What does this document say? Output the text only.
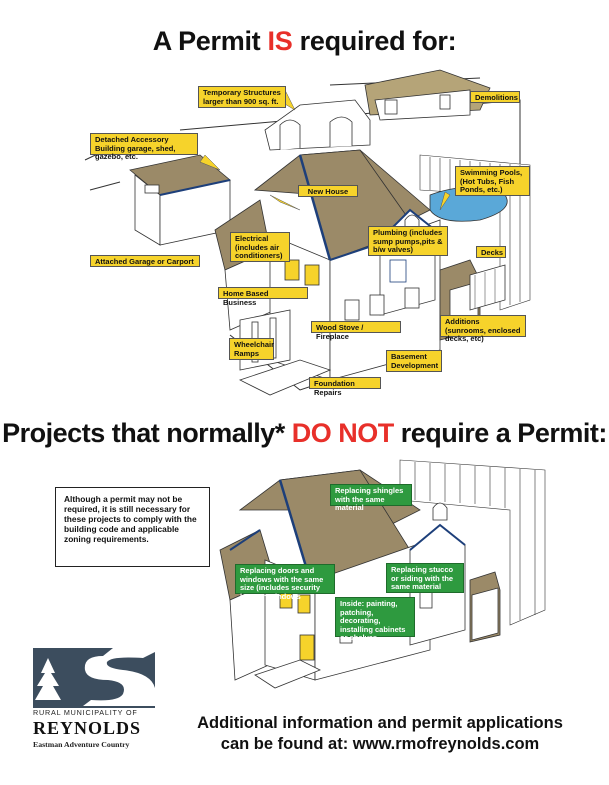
A Permit IS required for:
Temporary Structures larger than 900 sq. ft.	Demolitions
Detached Accessory Building garage, shed, gazebo, etc.
Swimming Pools, (Hot Tubs, Fish Ponds, etc.)
New House
Electrical (includes air conditioners)
Plumbing (includes sump pumps,pits & b/w valves)
Attached Garage or Carport
Decks
Home Based Business
Additions (sunrooms, enclosed decks, etc)
Wood Stove / Fireplace
Wheelchair Ramps	Basement Development
Foundation Repairs
Projects that normally* DO NOT require a Permit:
Although a permit may not be required, it is still necessary for these projects to comply with the building code and applicable zoning requirements.
Replacing shingles with the same material
Replacing doors and windows with the same size (includes security bars on windows
Replacing stucco or siding with the same material
Inside: painting, patching, decorating, installing cabinets or shelves
RURAL MUNICIPALITY OF
REYNOLDS
Eastman Adventure Country
Additional information and permit applications
can be found at: www.rmofreynolds.com
